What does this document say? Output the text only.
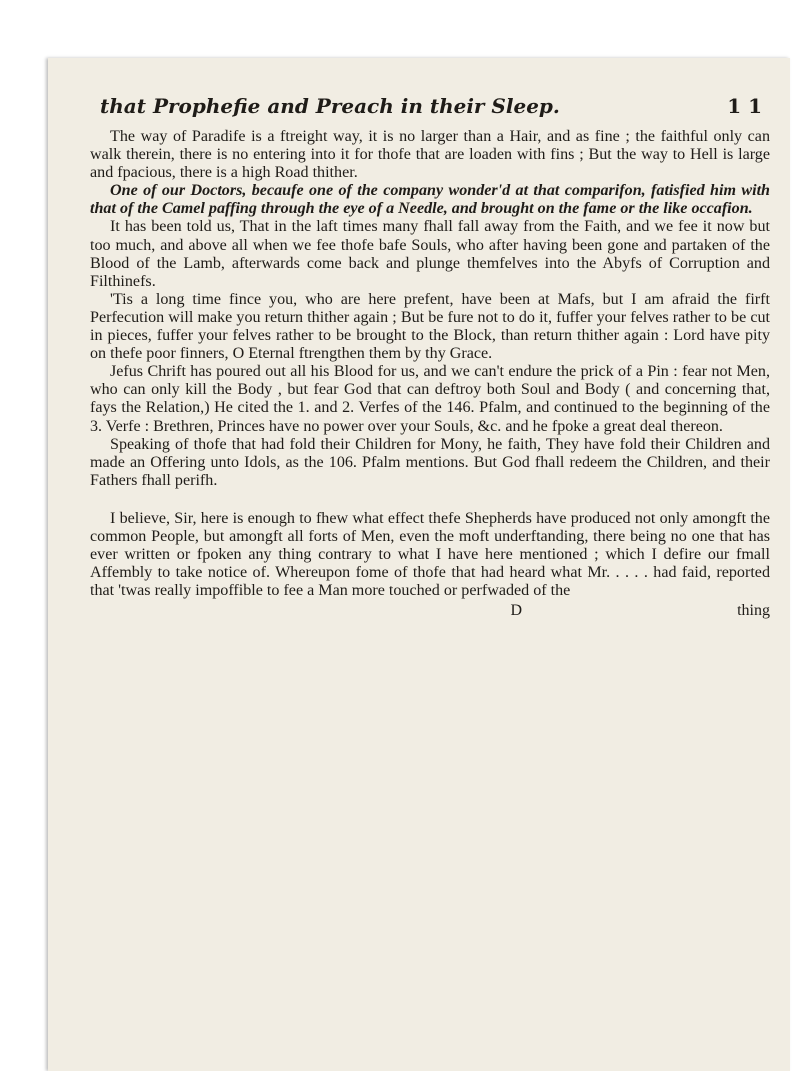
that Prophefie and Preach in their Sleep.	1 1

The way of Paradife is a ftreight way, it is no larger than a Hair, and as fine ; the faithful only can walk therein, there is no entering into it for thofe that are loaden with fins ; But the way to Hell is large and fpacious, there is a high Road thither.

One of our Doctors, becaufe one of the company wonder'd at that comparifon, fatisfied him with that of the Camel paffing through the eye of a Needle, and brought on the fame or the like occafion.

It has been told us, That in the laft times many fhall fall away from the Faith, and we fee it now but too much, and above all when we fee thofe bafe Souls, who after having been gone and partaken of the Blood of the Lamb, afterwards come back and plunge themfelves into the Abyfs of Corruption and Filthinefs.

'Tis a long time fince you, who are here prefent, have been at Mafs, but I am afraid the firft Perfecution will make you return thither again ; But be fure not to do it, fuffer your felves rather to be cut in pieces, fuffer your felves rather to be brought to the Block, than return thither again : Lord have pity on thefe poor finners, O Eternal ftrengthen them by thy Grace.

Jefus Chrift has poured out all his Blood for us, and we can't endure the prick of a Pin : fear not Men, who can only kill the Body , but fear God that can deftroy both Soul and Body ( and concerning that, fays the Relation,) He cited the 1. and 2. Verfes of the 146. Pfalm, and continued to the beginning of the 3. Verfe : Brethren, Princes have no power over your Souls, &c. and he fpoke a great deal thereon.

Speaking of thofe that had fold their Children for Mony, he faith, They have fold their Children and made an Offering unto Idols, as the 106. Pfalm mentions. But God fhall redeem the Children, and their Fathers fhall perifh.

I believe, Sir, here is enough to fhew what effect thefe Shepherds have produced not only amongft the common People, but amongft all forts of Men, even the moft underftanding, there being no one that has ever written or fpoken any thing contrary to what I have here mentioned ; which I defire our fmall Affembly to take notice of. Whereupon fome of thofe that had heard what Mr. . . . . had faid, reported that 'twas really impoffible to fee a Man more touched or perfwaded of the

D	thing
